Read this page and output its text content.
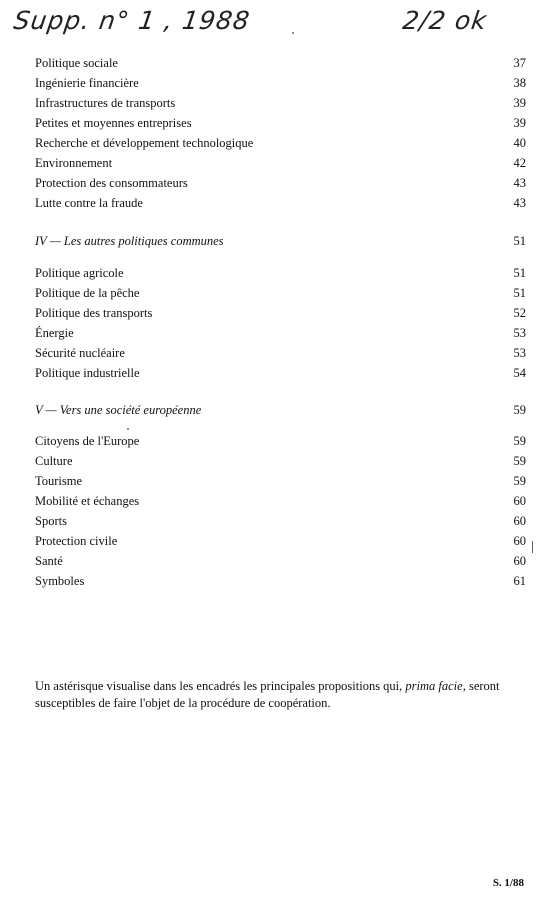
Supp. n° 1 , 1988	2/2 ok
Politique sociale	37
Ingénierie financière	38
Infrastructures de transports	39
Petites et moyennes entreprises	39
Recherche et développement technologique	40
Environnement	42
Protection des consommateurs	43
Lutte contre la fraude	43
IV — Les autres politiques communes	51
Politique agricole	51
Politique de la pêche	51
Politique des transports	52
Énergie	53
Sécurité nucléaire	53
Politique industrielle	54
V — Vers une société européenne	59
Citoyens de l'Europe	59
Culture	59
Tourisme	59
Mobilité et échanges	60
Sports	60
Protection civile	60
Santé	60
Symboles	61
Un astérisque visualise dans les encadrés les principales propositions qui, prima facie, seront susceptibles de faire l'objet de la procédure de coopération.
S. 1/88
